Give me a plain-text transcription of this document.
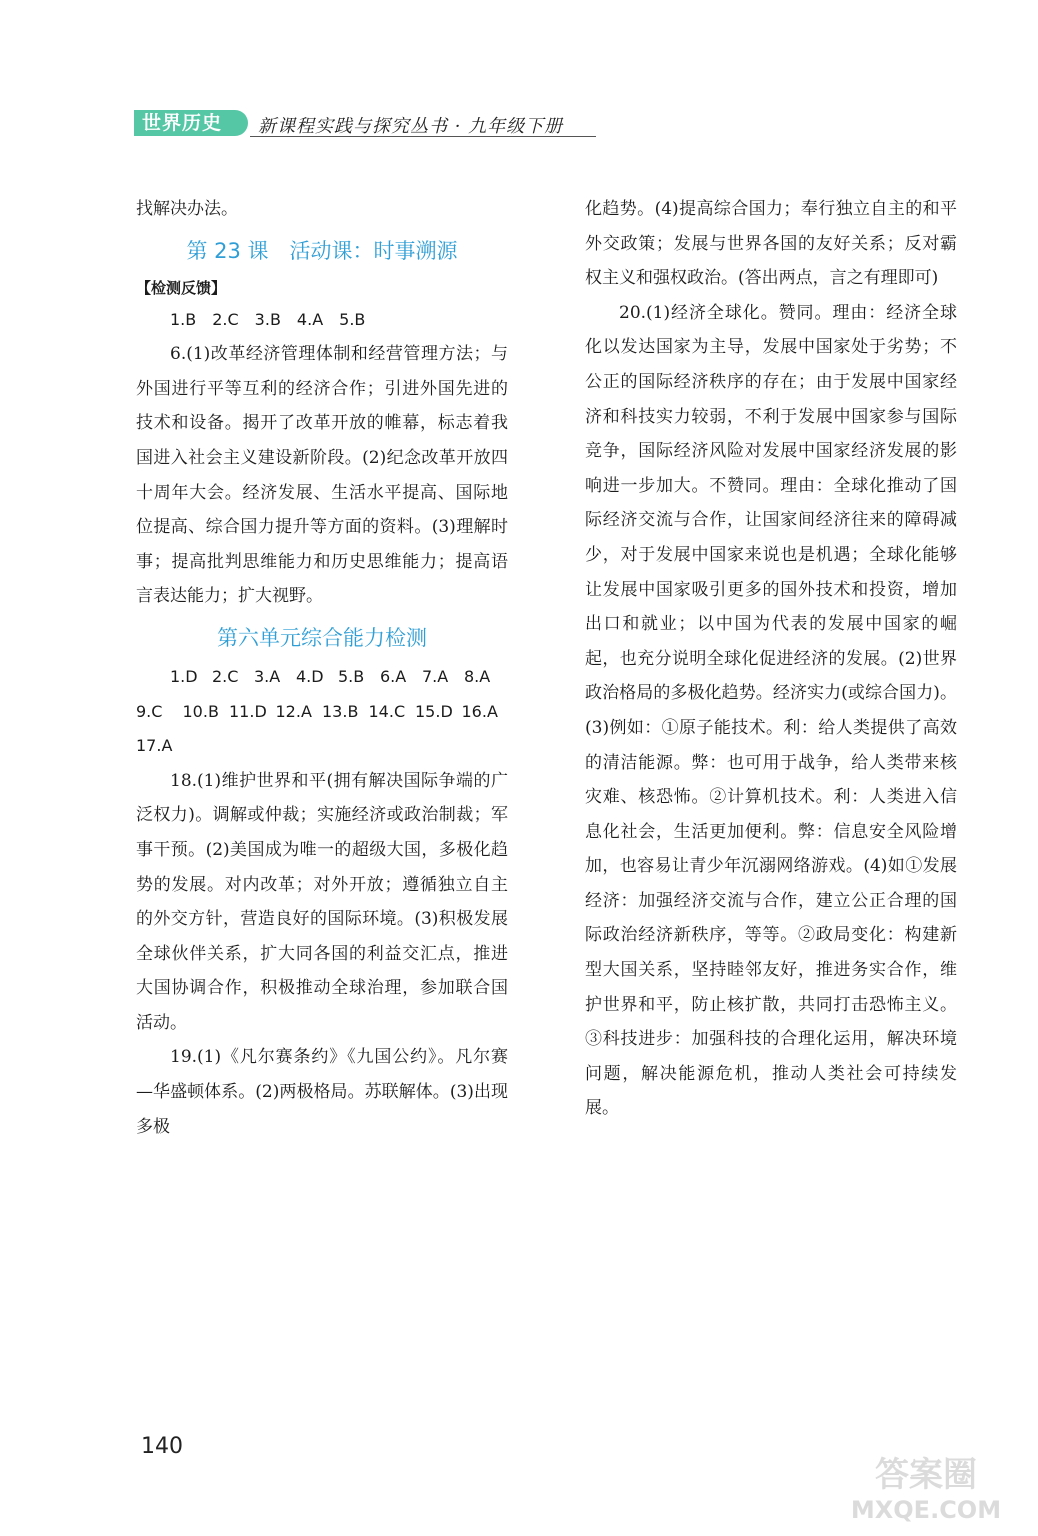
世界历史	新课程实践与探究丛书 · 九年级下册

找解决办法。

第 23 课　活动课：时事溯源
【检测反馈】

1.B　2.C　3.B　4.A　5.B

6.(1)改革经济管理体制和经营管理方法；与外国进行平等互利的经济合作；引进外国先进的技术和设备。揭开了改革开放的帷幕，标志着我国进入社会主义建设新阶段。(2)纪念改革开放四十周年大会。经济发展、生活水平提高、国际地位提高、综合国力提升等方面的资料。(3)理解时事；提高批判思维能力和历史思维能力；提高语言表达能力；扩大视野。

第六单元综合能力检测
1.D 2.C 3.A 4.D 5.B 6.A 7.A 8.A
9.C	10.B 11.D 12.A 13.B 14.C 15.D 16.A

17.A

18.(1)维护世界和平(拥有解决国际争端的广泛权力)。调解或仲裁；实施经济或政治制裁；军事干预。(2)美国成为唯一的超级大国，多极化趋势的发展。对内改革；对外开放；遵循独立自主的外交方针，营造良好的国际环境。(3)积极发展全球伙伴关系，扩大同各国的利益交汇点，推进大国协调合作，积极推动全球治理，参加联合国活动。

19.(1)《凡尔赛条约》《九国公约》。凡尔赛—华盛顿体系。(2)两极格局。苏联解体。(3)出现多极

化趋势。(4)提高综合国力；奉行独立自主的和平外交政策；发展与世界各国的友好关系；反对霸权主义和强权政治。(答出两点，言之有理即可)

20.(1)经济全球化。赞同。理由：经济全球化以发达国家为主导，发展中国家处于劣势；不公正的国际经济秩序的存在；由于发展中国家经济和科技实力较弱，不利于发展中国家参与国际竞争，国际经济风险对发展中国家经济发展的影响进一步加大。不赞同。理由：全球化推动了国际经济交流与合作，让国家间经济往来的障碍减少，对于发展中国家来说也是机遇；全球化能够让发展中国家吸引更多的国外技术和投资，增加出口和就业；以中国为代表的发展中国家的崛起，也充分说明全球化促进经济的发展。(2)世界政治格局的多极化趋势。经济实力(或综合国力)。(3)例如：①原子能技术。利：给人类提供了高效的清洁能源。弊：也可用于战争，给人类带来核灾难、核恐怖。②计算机技术。利：人类进入信息化社会，生活更加便利。弊：信息安全风险增加，也容易让青少年沉溺网络游戏。(4)如①发展经济：加强经济交流与合作，建立公正合理的国际政治经济新秩序，等等。②政局变化：构建新型大国关系，坚持睦邻友好，推进务实合作，维护世界和平，防止核扩散，共同打击恐怖主义。③科技进步：加强科技的合理化运用，解决环境问题，解决能源危机，推动人类社会可持续发展。

140
答案圈
MXQE.COM
